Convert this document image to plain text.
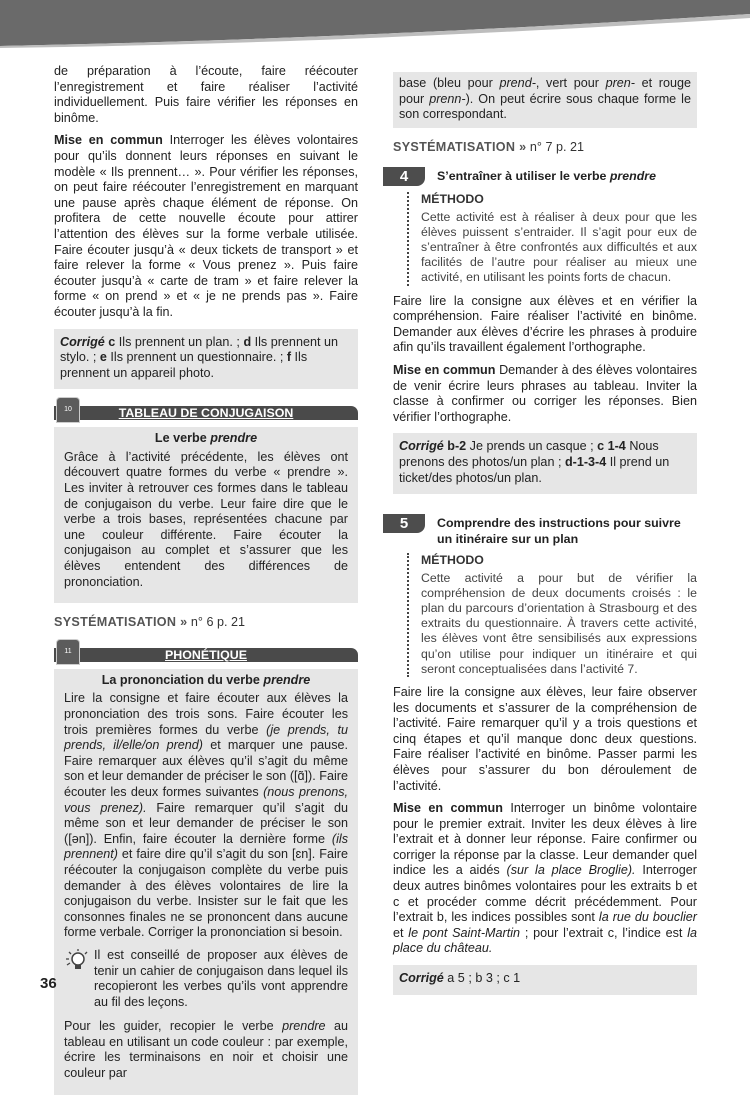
de préparation à l’écoute, faire réécouter l’enregistrement et faire réaliser l’activité individuellement. Puis faire vérifier les réponses en binôme.

Mise en commun Interroger les élèves volontaires pour qu’ils donnent leurs réponses en suivant le modèle « Ils prennent… ». Pour vérifier les réponses, on peut faire réécouter l’enregistrement en marquant une pause après chaque élément de réponse. On profitera de cette nouvelle écoute pour attirer l’attention des élèves sur la forme verbale utilisée. Faire écouter jusqu’à « deux tickets de transport » et faire relever la forme « Vous prenez ». Puis faire écouter jusqu’à « carte de tram » et faire relever la forme « on prend » et « je ne prends pas ». Faire écouter jusqu’à la fin.

Corrigé c Ils prennent un plan. ; d Ils prennent un stylo. ; e Ils prennent un questionnaire. ; f Ils prennent un appareil photo.
TABLEAU DE CONJUGAISON
10
Le verbe prendre

Grâce à l’activité précédente, les élèves ont découvert quatre formes du verbe « prendre ». Les inviter à retrouver ces formes dans le tableau de conjugaison du verbe. Leur faire dire que le verbe a trois bases, représentées chacune par une couleur différente. Faire écouter la conjugaison au complet et s’assurer que les élèves entendent des différences de prononciation.

SYSTÉMATISATION » n° 6 p. 21
PHONÉTIQUE
11
La prononciation du verbe prendre

Lire la consigne et faire écouter aux élèves la prononciation des trois sons. Faire écouter les trois premières formes du verbe (je prends, tu prends, il/elle/on prend) et marquer une pause. Faire remarquer aux élèves qu’il s’agit du même son et leur demander de préciser le son ([ɑ̃]). Faire écouter les deux formes suivantes (nous prenons, vous prenez). Faire remarquer qu’il s’agit du même son et leur demander de préciser le son ([ən]). Enfin, faire écouter la dernière forme (ils prennent) et faire dire qu’il s’agit du son [ɛn]. Faire réécouter la conjugaison complète du verbe puis demander à des élèves volontaires de lire la conjugaison du verbe. Insister sur le fait que les consonnes finales ne se prononcent dans aucune forme verbale. Corriger la prononciation si besoin.

Il est conseillé de proposer aux élèves de tenir un cahier de conjugaison dans lequel ils recopieront les verbes qu’ils vont apprendre au fil des leçons.

Pour les guider, recopier le verbe prendre au tableau en utilisant un code couleur : par exemple, écrire les terminaisons en noir et choisir une couleur par

base (bleu pour prend-, vert pour pren- et rouge pour prenn-). On peut écrire sous chaque forme le son correspondant.

SYSTÉMATISATION » n° 7 p. 21
4	S’entraîner à utiliser le verbe prendre
MÉTHODO

Cette activité est à réaliser à deux pour que les élèves puissent s’entraider. Il s’agit pour eux de s’entraîner à être confrontés aux difficultés et aux facilités de l’autre pour réaliser au mieux une activité, en utilisant les points forts de chacun.

Faire lire la consigne aux élèves et en vérifier la compréhension. Faire réaliser l’activité en binôme. Demander aux élèves d’écrire les phrases à produire afin qu’ils travaillent également l’orthographe.

Mise en commun Demander à des élèves volontaires de venir écrire leurs phrases au tableau. Inviter la classe à confirmer ou corriger les réponses. Bien vérifier l’orthographe.

Corrigé b-2 Je prends un casque ; c 1-4 Nous prenons des photos/un plan ; d-1-3-4 Il prend un ticket/des photos/un plan.
5	Comprendre des instructions pour suivre un itinéraire sur un plan
MÉTHODO

Cette activité a pour but de vérifier la compréhension de deux documents croisés : le plan du parcours d’orientation à Strasbourg et des extraits du questionnaire. À travers cette activité, les élèves vont être sensibilisés aux expressions qu’on utilise pour indiquer un itinéraire et qui seront conceptualisées dans l’activité 7.

Faire lire la consigne aux élèves, leur faire observer les documents et s’assurer de la compréhension de l’activité. Faire remarquer qu’il y a trois questions et cinq étapes et qu’il manque donc deux questions. Faire réaliser l’activité en binôme. Passer parmi les élèves pour s’assurer du bon déroulement de l’activité.

Mise en commun Interroger un binôme volontaire pour le premier extrait. Inviter les deux élèves à lire l’extrait et à donner leur réponse. Faire confirmer ou corriger la réponse par la classe. Leur demander quel indice les a aidés (sur la place Broglie). Interroger deux autres binômes volontaires pour les extraits b et c et procéder comme décrit précédemment. Pour l’extrait b, les indices possibles sont la rue du bouclier et le pont Saint-Martin ; pour l’extrait c, l’indice est la place du château.

Corrigé a 5 ; b 3 ; c 1
36
